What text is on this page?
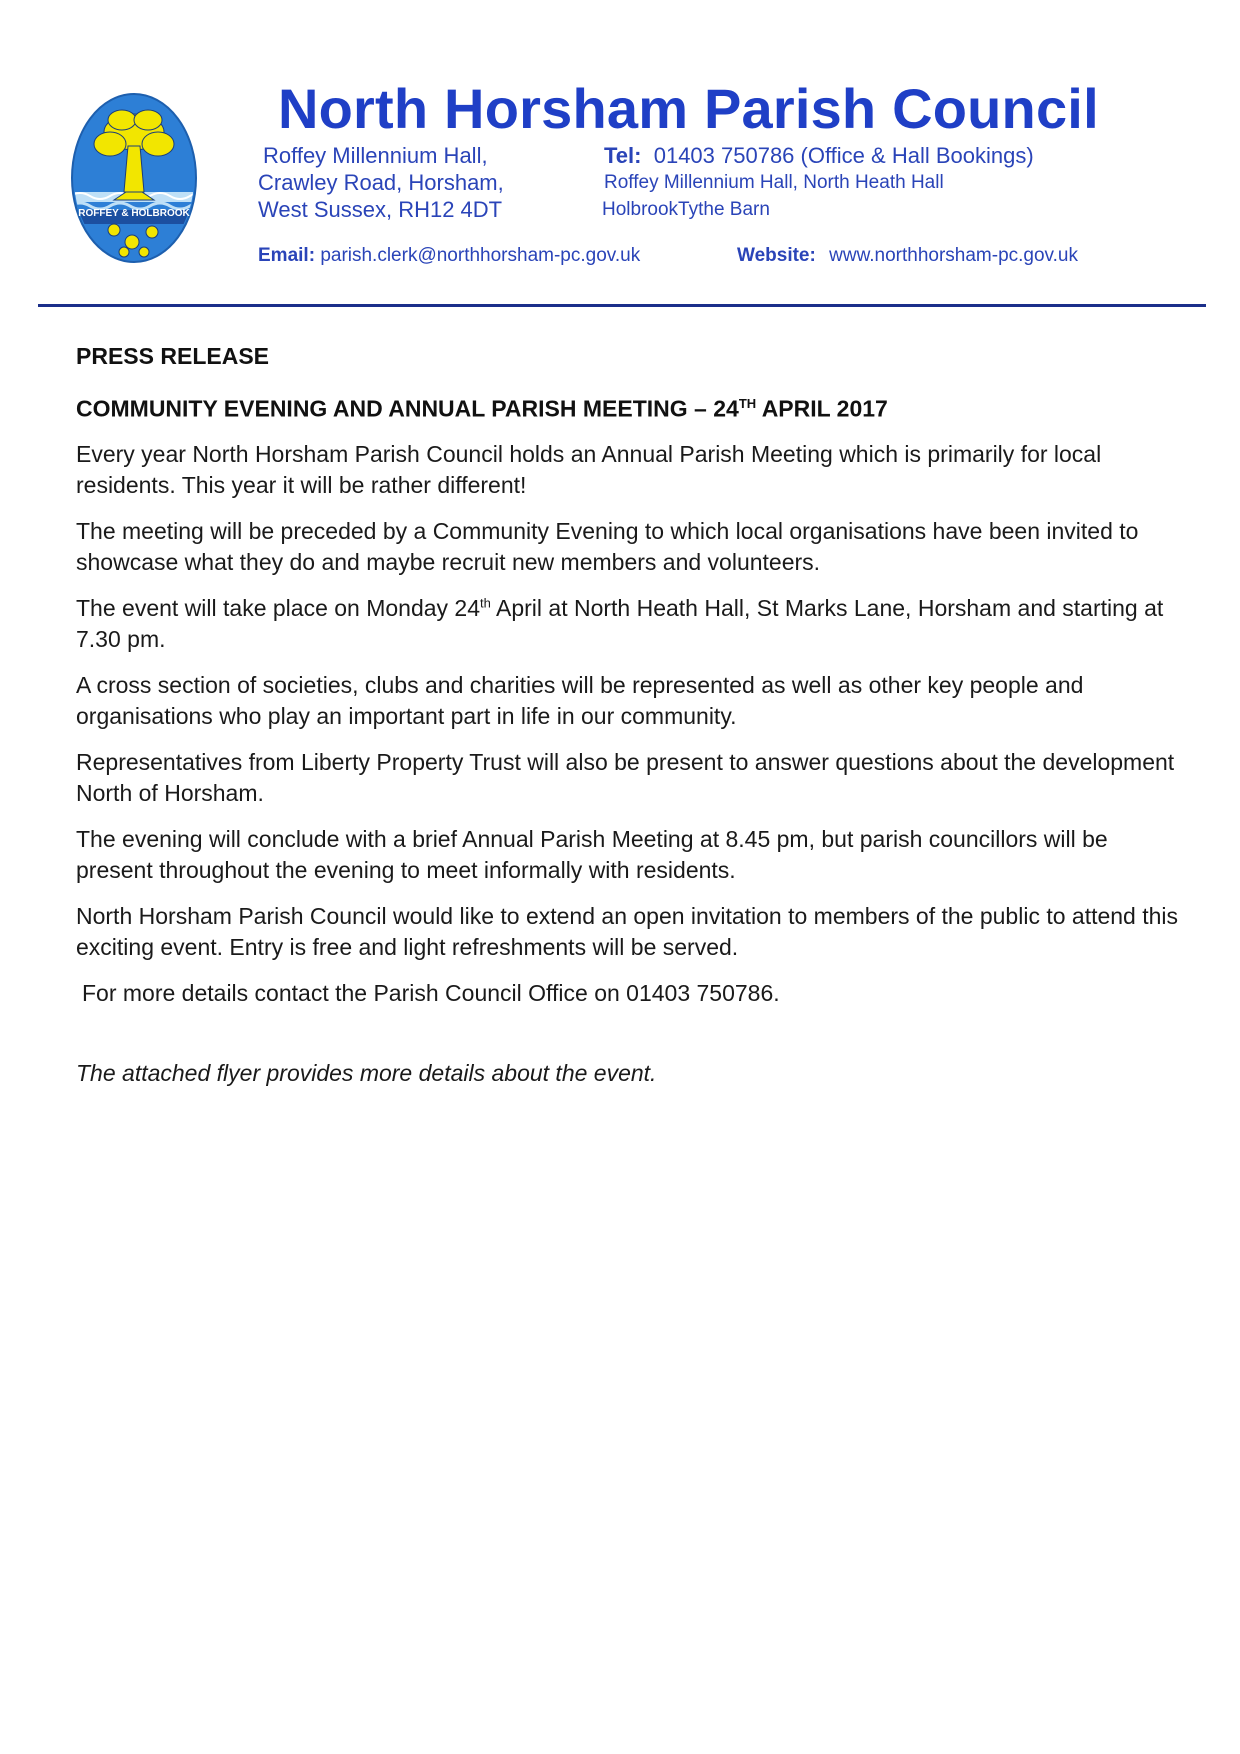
ROFFEY & HOLBROOK
North Horsham Parish Council
Roffey Millennium Hall,
Crawley Road, Horsham,
West Sussex, RH12 4DT
Tel: 01403 750786 (Office & Hall Bookings)
Roffey Millennium Hall, North Heath Hall
HolbrookTythe Barn
Email: parish.clerk@northhorsham-pc.gov.uk	Website: www.northhorsham-pc.gov.uk
PRESS RELEASE
COMMUNITY EVENING AND ANNUAL PARISH MEETING – 24TH APRIL 2017

Every year North Horsham Parish Council holds an Annual Parish Meeting which is primarily for local residents. This year it will be rather different!

The meeting will be preceded by a Community Evening to which local organisations have been invited to showcase what they do and maybe recruit new members and volunteers.

The event will take place on Monday 24th April at North Heath Hall, St Marks Lane, Horsham and starting at 7.30 pm.

A cross section of societies, clubs and charities will be represented as well as other key people and organisations who play an important part in life in our community.

Representatives from Liberty Property Trust will also be present to answer questions about the development North of Horsham.

The evening will conclude with a brief Annual Parish Meeting at 8.45 pm, but parish councillors will be present throughout the evening to meet informally with residents.

North Horsham Parish Council would like to extend an open invitation to members of the public to attend this exciting event. Entry is free and light refreshments will be served.

For more details contact the Parish Council Office on 01403 750786.

The attached flyer provides more details about the event.
